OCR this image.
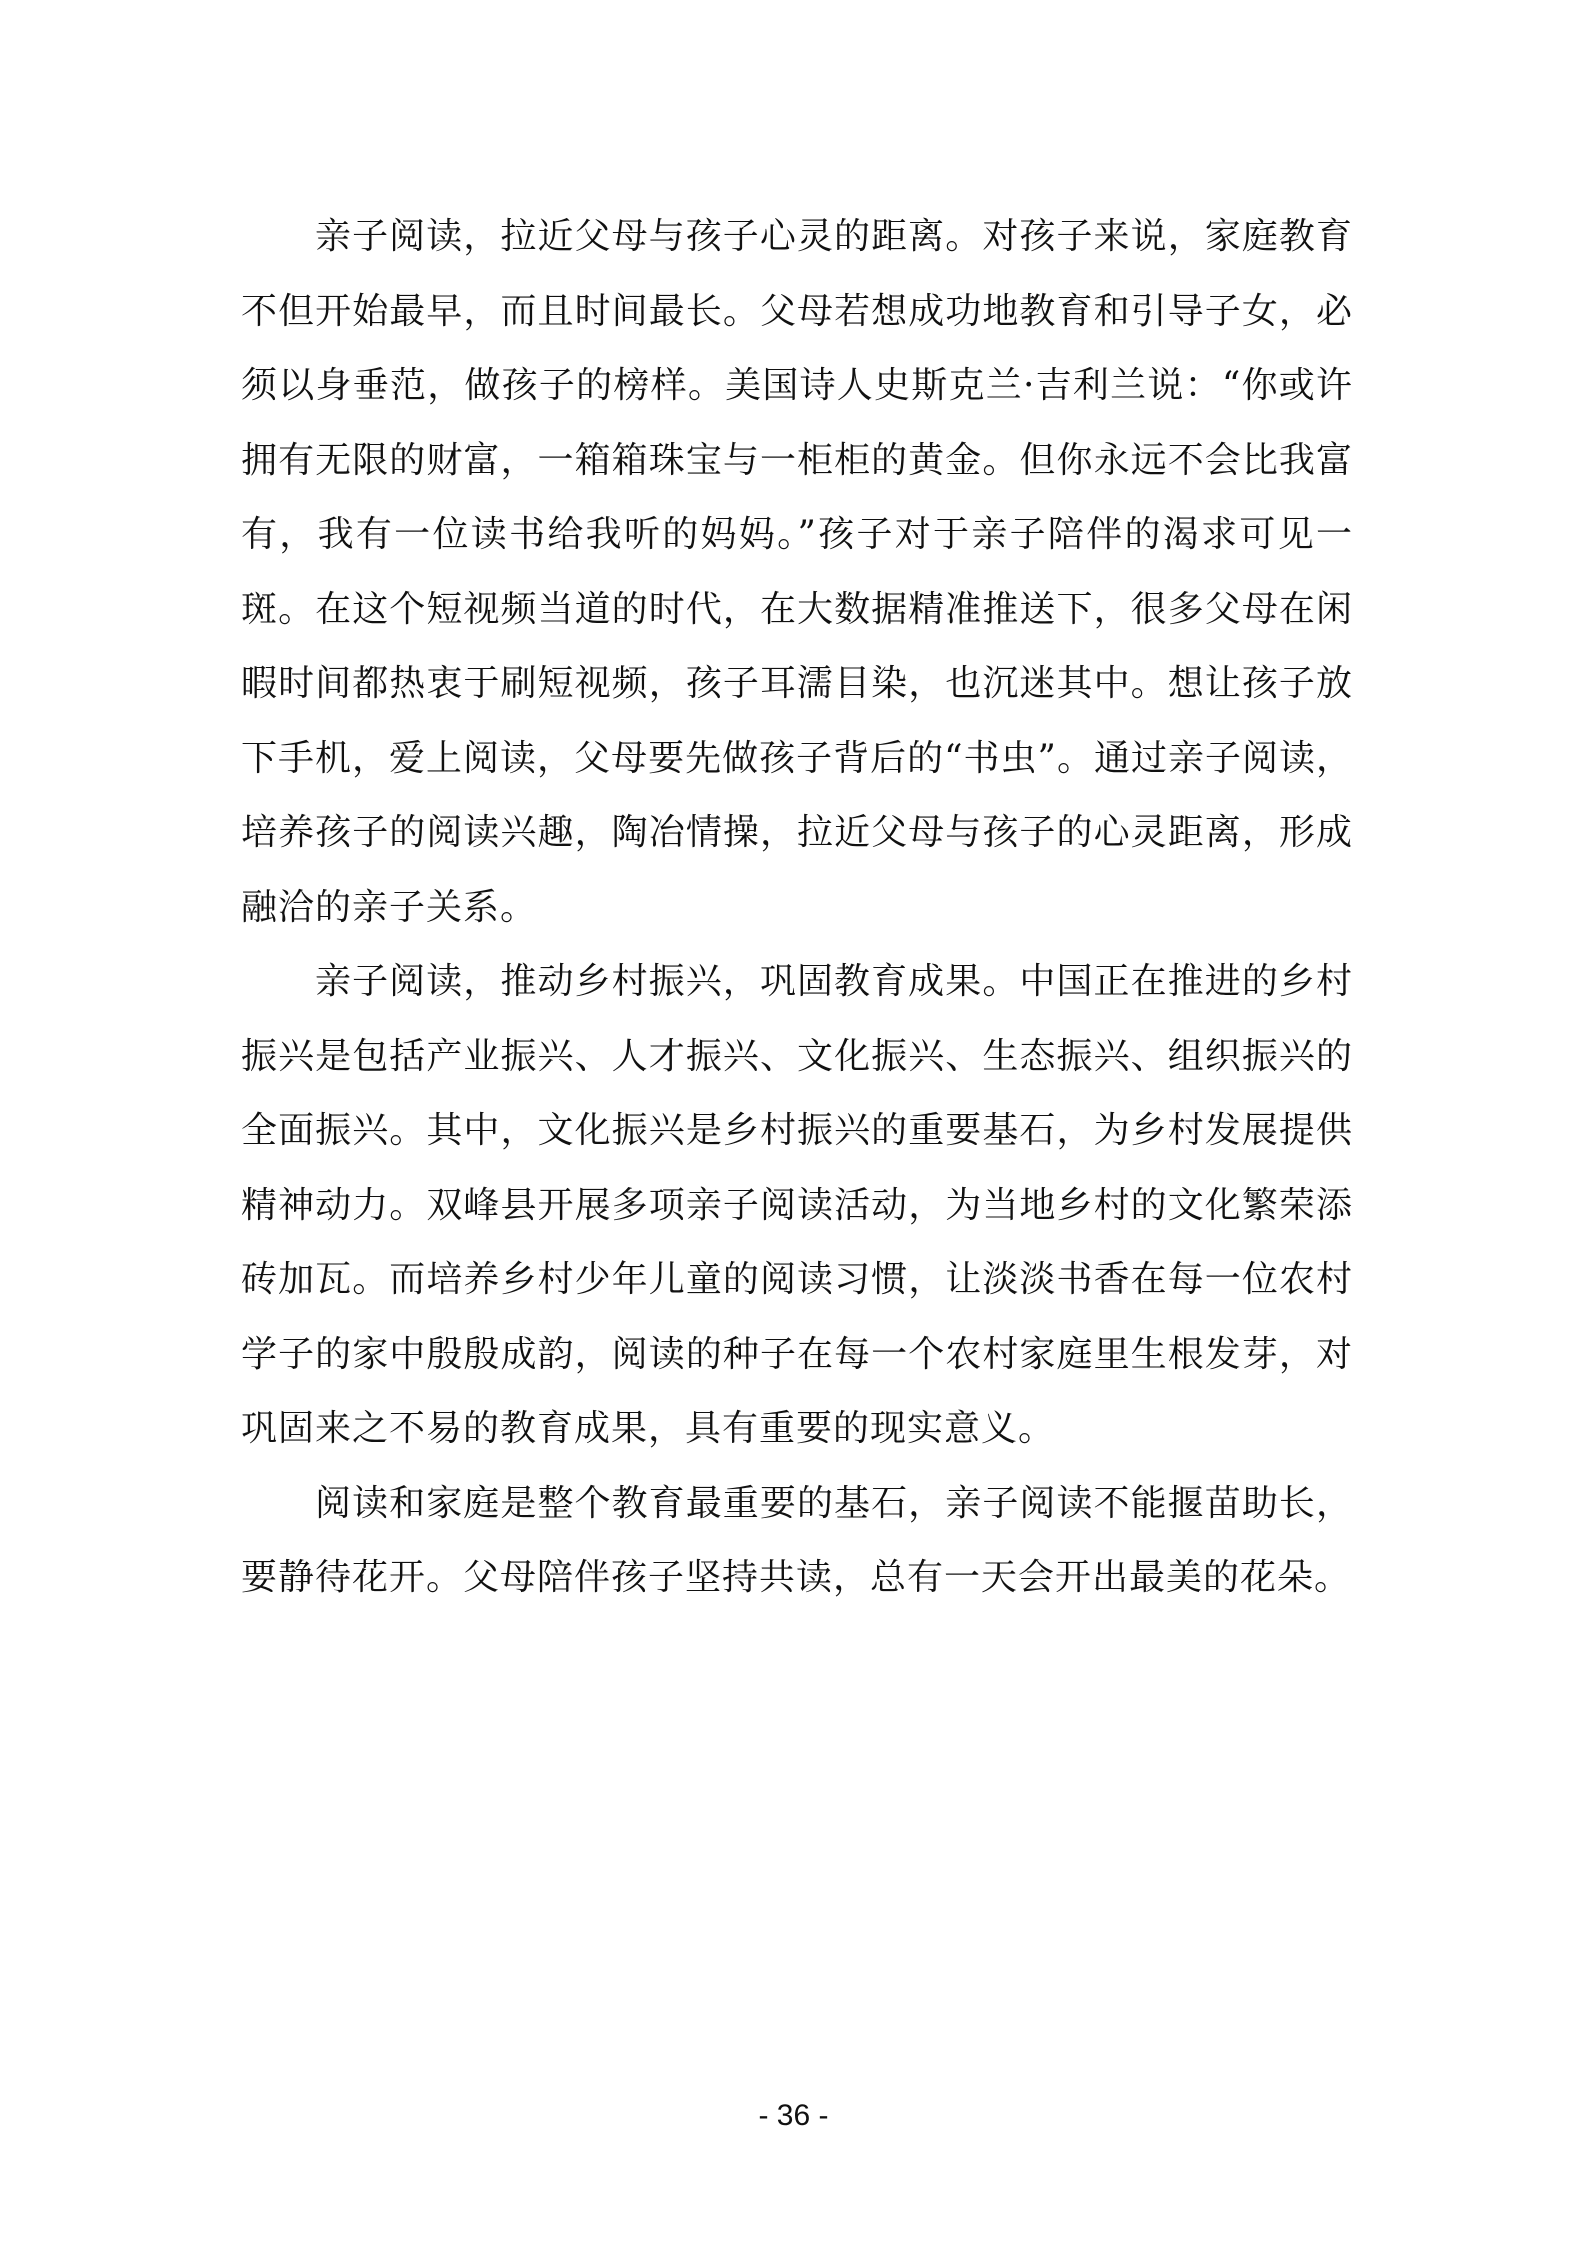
亲子阅读，拉近父母与孩子心灵的距离。对孩子来说，家庭教育不但开始最早，而且时间最长。父母若想成功地教育和引导子女，必须以身垂范，做孩子的榜样。美国诗人史斯克兰·吉利兰说：“你或许拥有无限的财富，一箱箱珠宝与一柜柜的黄金。但你永远不会比我富有，我有一位读书给我听的妈妈。”孩子对于亲子陪伴的渴求可见一斑。在这个短视频当道的时代，在大数据精准推送下，很多父母在闲暇时间都热衷于刷短视频，孩子耳濡目染，也沉迷其中。想让孩子放下手机，爱上阅读，父母要先做孩子背后的“书虫”。通过亲子阅读，培养孩子的阅读兴趣，陶冶情操，拉近父母与孩子的心灵距离，形成融洽的亲子关系。

亲子阅读，推动乡村振兴，巩固教育成果。中国正在推进的乡村振兴是包括产业振兴、人才振兴、文化振兴、生态振兴、组织振兴的全面振兴。其中，文化振兴是乡村振兴的重要基石，为乡村发展提供精神动力。双峰县开展多项亲子阅读活动，为当地乡村的文化繁荣添砖加瓦。而培养乡村少年儿童的阅读习惯，让淡淡书香在每一位农村学子的家中殷殷成韵，阅读的种子在每一个农村家庭里生根发芽，对巩固来之不易的教育成果，具有重要的现实意义。

阅读和家庭是整个教育最重要的基石，亲子阅读不能揠苗助长，要静待花开。父母陪伴孩子坚持共读，总有一天会开出最美的花朵。

- 36 -
